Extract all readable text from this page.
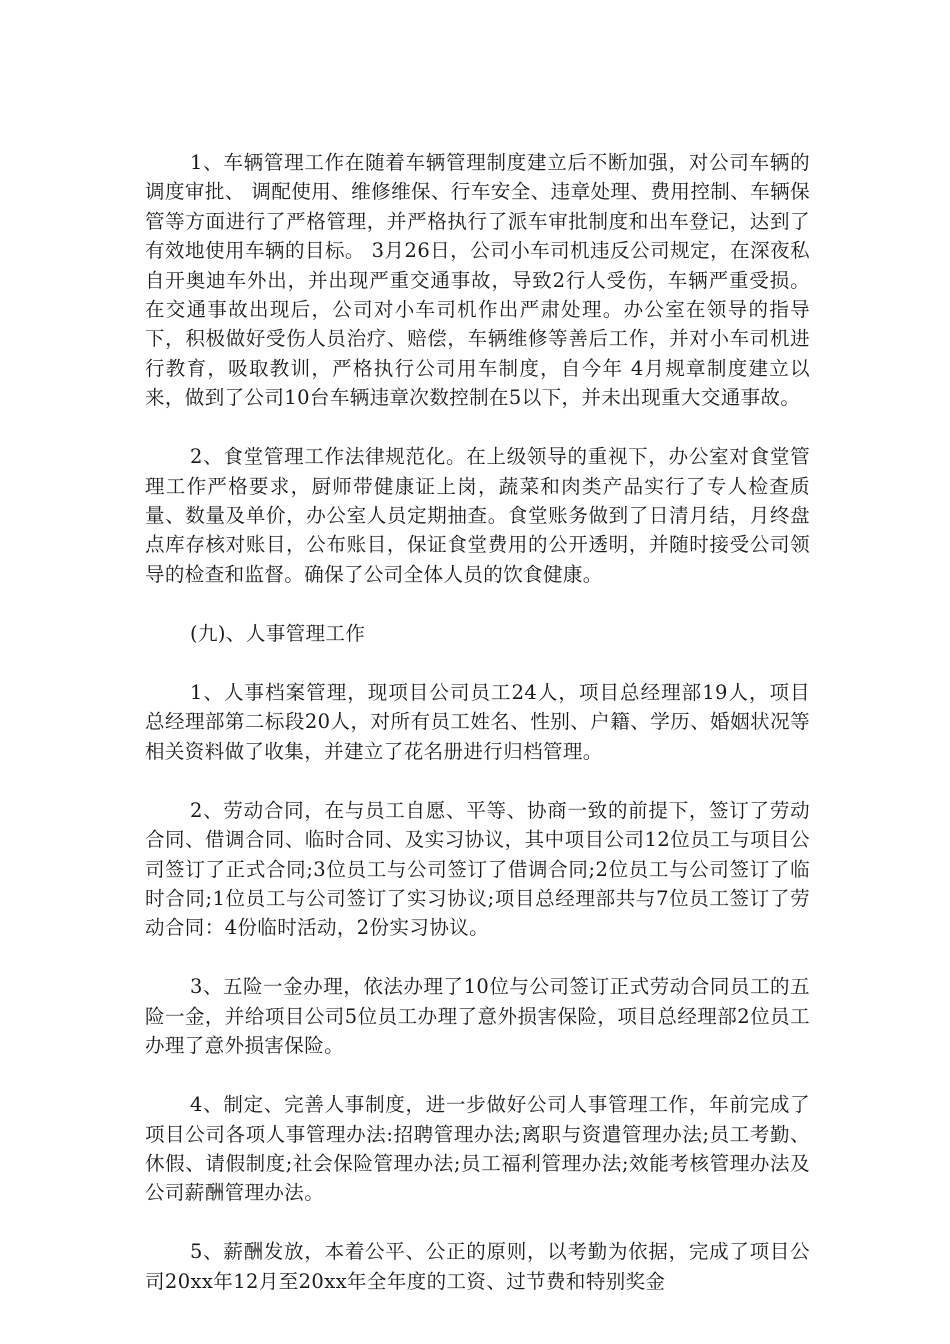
1、车辆管理工作在随着车辆管理制度建立后不断加强，对公司车辆的调度审批、 调配使用、维修维保、行车安全、违章处理、费用控制、车辆保管等方面进行了严格管理，并严格执行了派车审批制度和出车登记，达到了有效地使用车辆的目标。 3月26日，公司小车司机违反公司规定，在深夜私自开奥迪车外出，并出现严重交通事故，导致2行人受伤，车辆严重受损。在交通事故出现后，公司对小车司机作出严肃处理。办公室在领导的指导下，积极做好受伤人员治疗、赔偿，车辆维修等善后工作，并对小车司机进行教育，吸取教训，严格执行公司用车制度，自今年 4月规章制度建立以来，做到了公司10台车辆违章次数控制在5以下，并未出现重大交通事故。

2、食堂管理工作法律规范化。在上级领导的重视下，办公室对食堂管理工作严格要求，厨师带健康证上岗，蔬菜和肉类产品实行了专人检查质量、数量及单价，办公室人员定期抽查。食堂账务做到了日清月结，月终盘点库存核对账目，公布账目，保证食堂费用的公开透明，并随时接受公司领导的检查和监督。确保了公司全体人员的饮食健康。

(九)、人事管理工作

1、人事档案管理，现项目公司员工24人，项目总经理部19人，项目总经理部第二标段20人，对所有员工姓名、性别、户籍、学历、婚姻状况等相关资料做了收集，并建立了花名册进行归档管理。

2、劳动合同，在与员工自愿、平等、协商一致的前提下，签订了劳动合同、借调合同、临时合同、及实习协议，其中项目公司12位员工与项目公司签订了正式合同;3位员工与公司签订了借调合同;2位员工与公司签订了临时合同;1位员工与公司签订了实习协议;项目总经理部共与7位员工签订了劳动合同：4份临时活动，2份实习协议。

3、五险一金办理，依法办理了10位与公司签订正式劳动合同员工的五险一金，并给项目公司5位员工办理了意外损害保险，项目总经理部2位员工办理了意外损害保险。

4、制定、完善人事制度，进一步做好公司人事管理工作，年前完成了项目公司各项人事管理办法:招聘管理办法;离职与资遣管理办法;员工考勤、休假、请假制度;社会保险管理办法;员工福利管理办法;效能考核管理办法及公司薪酬管理办法。

5、薪酬发放，本着公平、公正的原则，以考勤为依据，完成了项目公司20xx年12月至20xx年全年度的工资、过节费和特别奖金
